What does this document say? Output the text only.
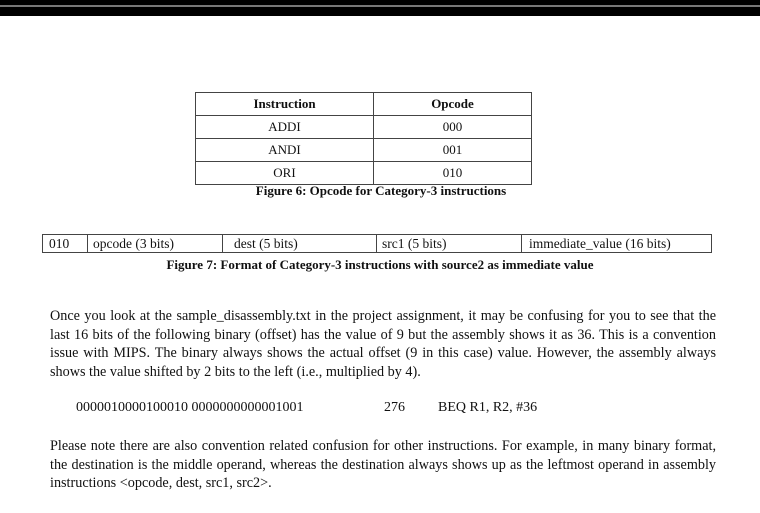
Instruction	Opcode
ADDI	000
ANDI	001
ORI	010
Figure 6: Opcode for Category-3 instructions
010 opcode (3 bits)	dest (5 bits)	src1 (5 bits)	immediate_value (16 bits)
Figure 7: Format of Category-3 instructions with source2 as immediate value

Once you look at the sample_disassembly.txt in the project assignment, it may be confusing for you to see that the last 16 bits of the following binary (offset) has the value of 9 but the assembly shows it as 36. This is a convention issue with MIPS. The binary always shows the actual offset (9 in this case) value. However, the assembly always shows the value shifted by 2 bits to the left (i.e., multiplied by 4).

0000010000100010 0000000000001001	276 BEQ R1, R2, #36

Please note there are also convention related confusion for other instructions. For example, in many binary format, the destination is the middle operand, whereas the destination always shows up as the leftmost operand in assembly instructions <opcode, dest, src1, src2>.
